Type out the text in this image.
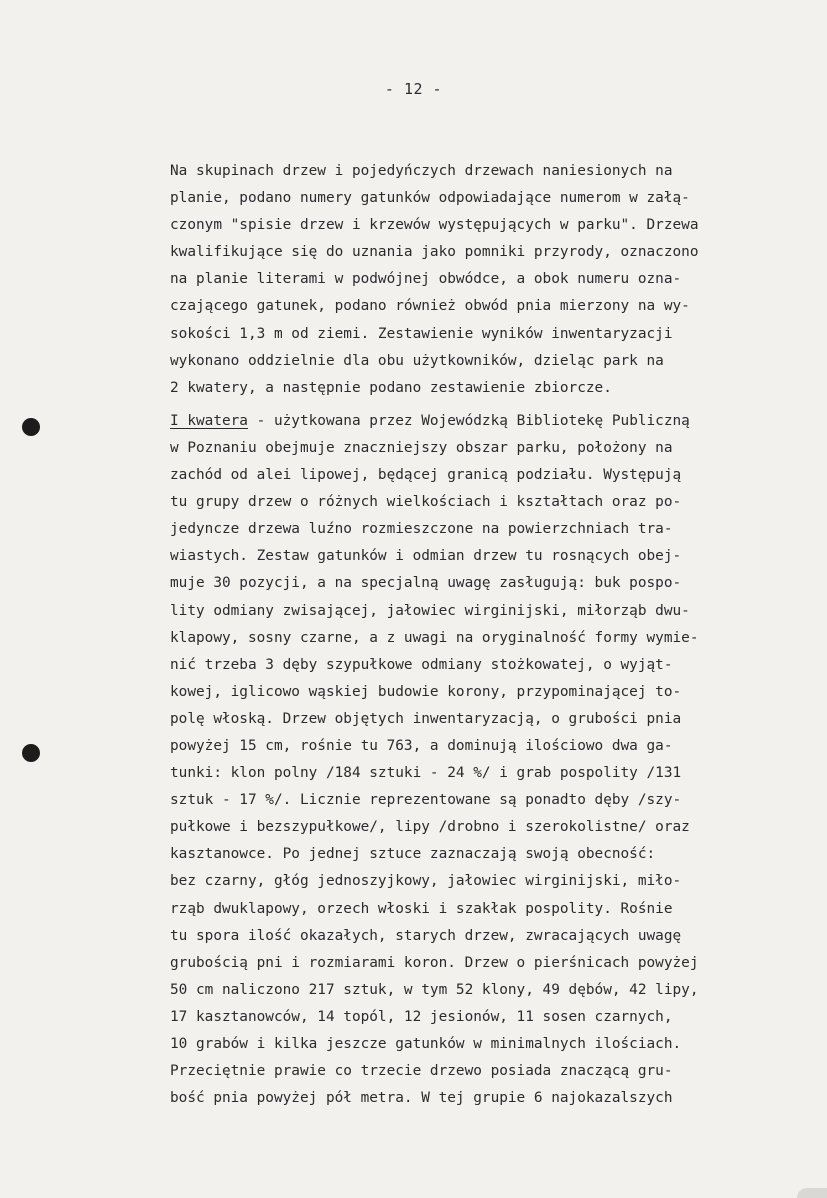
- 12 -
Na skupinach drzew i pojedyńczych drzewach naniesionych na
planie, podano numery gatunków odpowiadające numerom w załą-
czonym "spisie drzew i krzewów występujących w parku". Drzewa
kwalifikujące się do uznania jako pomniki przyrody, oznaczono
na planie literami w podwójnej obwódce, a obok numeru ozna-
czającego gatunek, podano również obwód pnia mierzony na wy-
sokości 1,3 m od ziemi. Zestawienie wyników inwentaryzacji
wykonano oddzielnie dla obu użytkowników, dzieląc park na
2 kwatery, a następnie podano zestawienie zbiorcze.
I kwatera - użytkowana przez Wojewódzką Bibliotekę Publiczną
w Poznaniu obejmuje znaczniejszy obszar parku, położony na
zachód od alei lipowej, będącej granicą podziału. Występują
tu grupy drzew o różnych wielkościach i kształtach oraz po-
jedyncze drzewa luźno rozmieszczone na powierzchniach tra-
wiastych. Zestaw gatunków i odmian drzew tu rosnących obej-
muje 30 pozycji, a na specjalną uwagę zasługują: buk pospo-
lity odmiany zwisającej, jałowiec wirginijski, miłorząb dwu-
klapowy, sosny czarne, a z uwagi na oryginalność formy wymie-
nić trzeba 3 dęby szypułkowe odmiany stożkowatej, o wyjąt-
kowej, iglicowo wąskiej budowie korony, przypominającej to-
polę włoską. Drzew objętych inwentaryzacją, o grubości pnia
powyżej 15 cm, rośnie tu 763, a dominują ilościowo dwa ga-
tunki: klon polny /184 sztuki - 24 %/ i grab pospolity /131
sztuk - 17 %/. Licznie reprezentowane są ponadto dęby /szy-
pułkowe i bezszypułkowe/, lipy /drobno i szerokolistne/ oraz
kasztanowce. Po jednej sztuce zaznaczają swoją obecność:
bez czarny, głóg jednoszyjkowy, jałowiec wirginijski, miło-
rząb dwuklapowy, orzech włoski i szakłak pospolity. Rośnie
tu spora ilość okazałych, starych drzew, zwracających uwagę
grubością pni i rozmiarami koron. Drzew o pierśnicach powyżej
50 cm naliczono 217 sztuk, w tym 52 klony, 49 dębów, 42 lipy,
17 kasztanowców, 14 topól, 12 jesionów, 11 sosen czarnych,
10 grabów i kilka jeszcze gatunków w minimalnych ilościach.
Przeciętnie prawie co trzecie drzewo posiada znaczącą gru-
bość pnia powyżej pół metra. W tej grupie 6 najokazalszych
